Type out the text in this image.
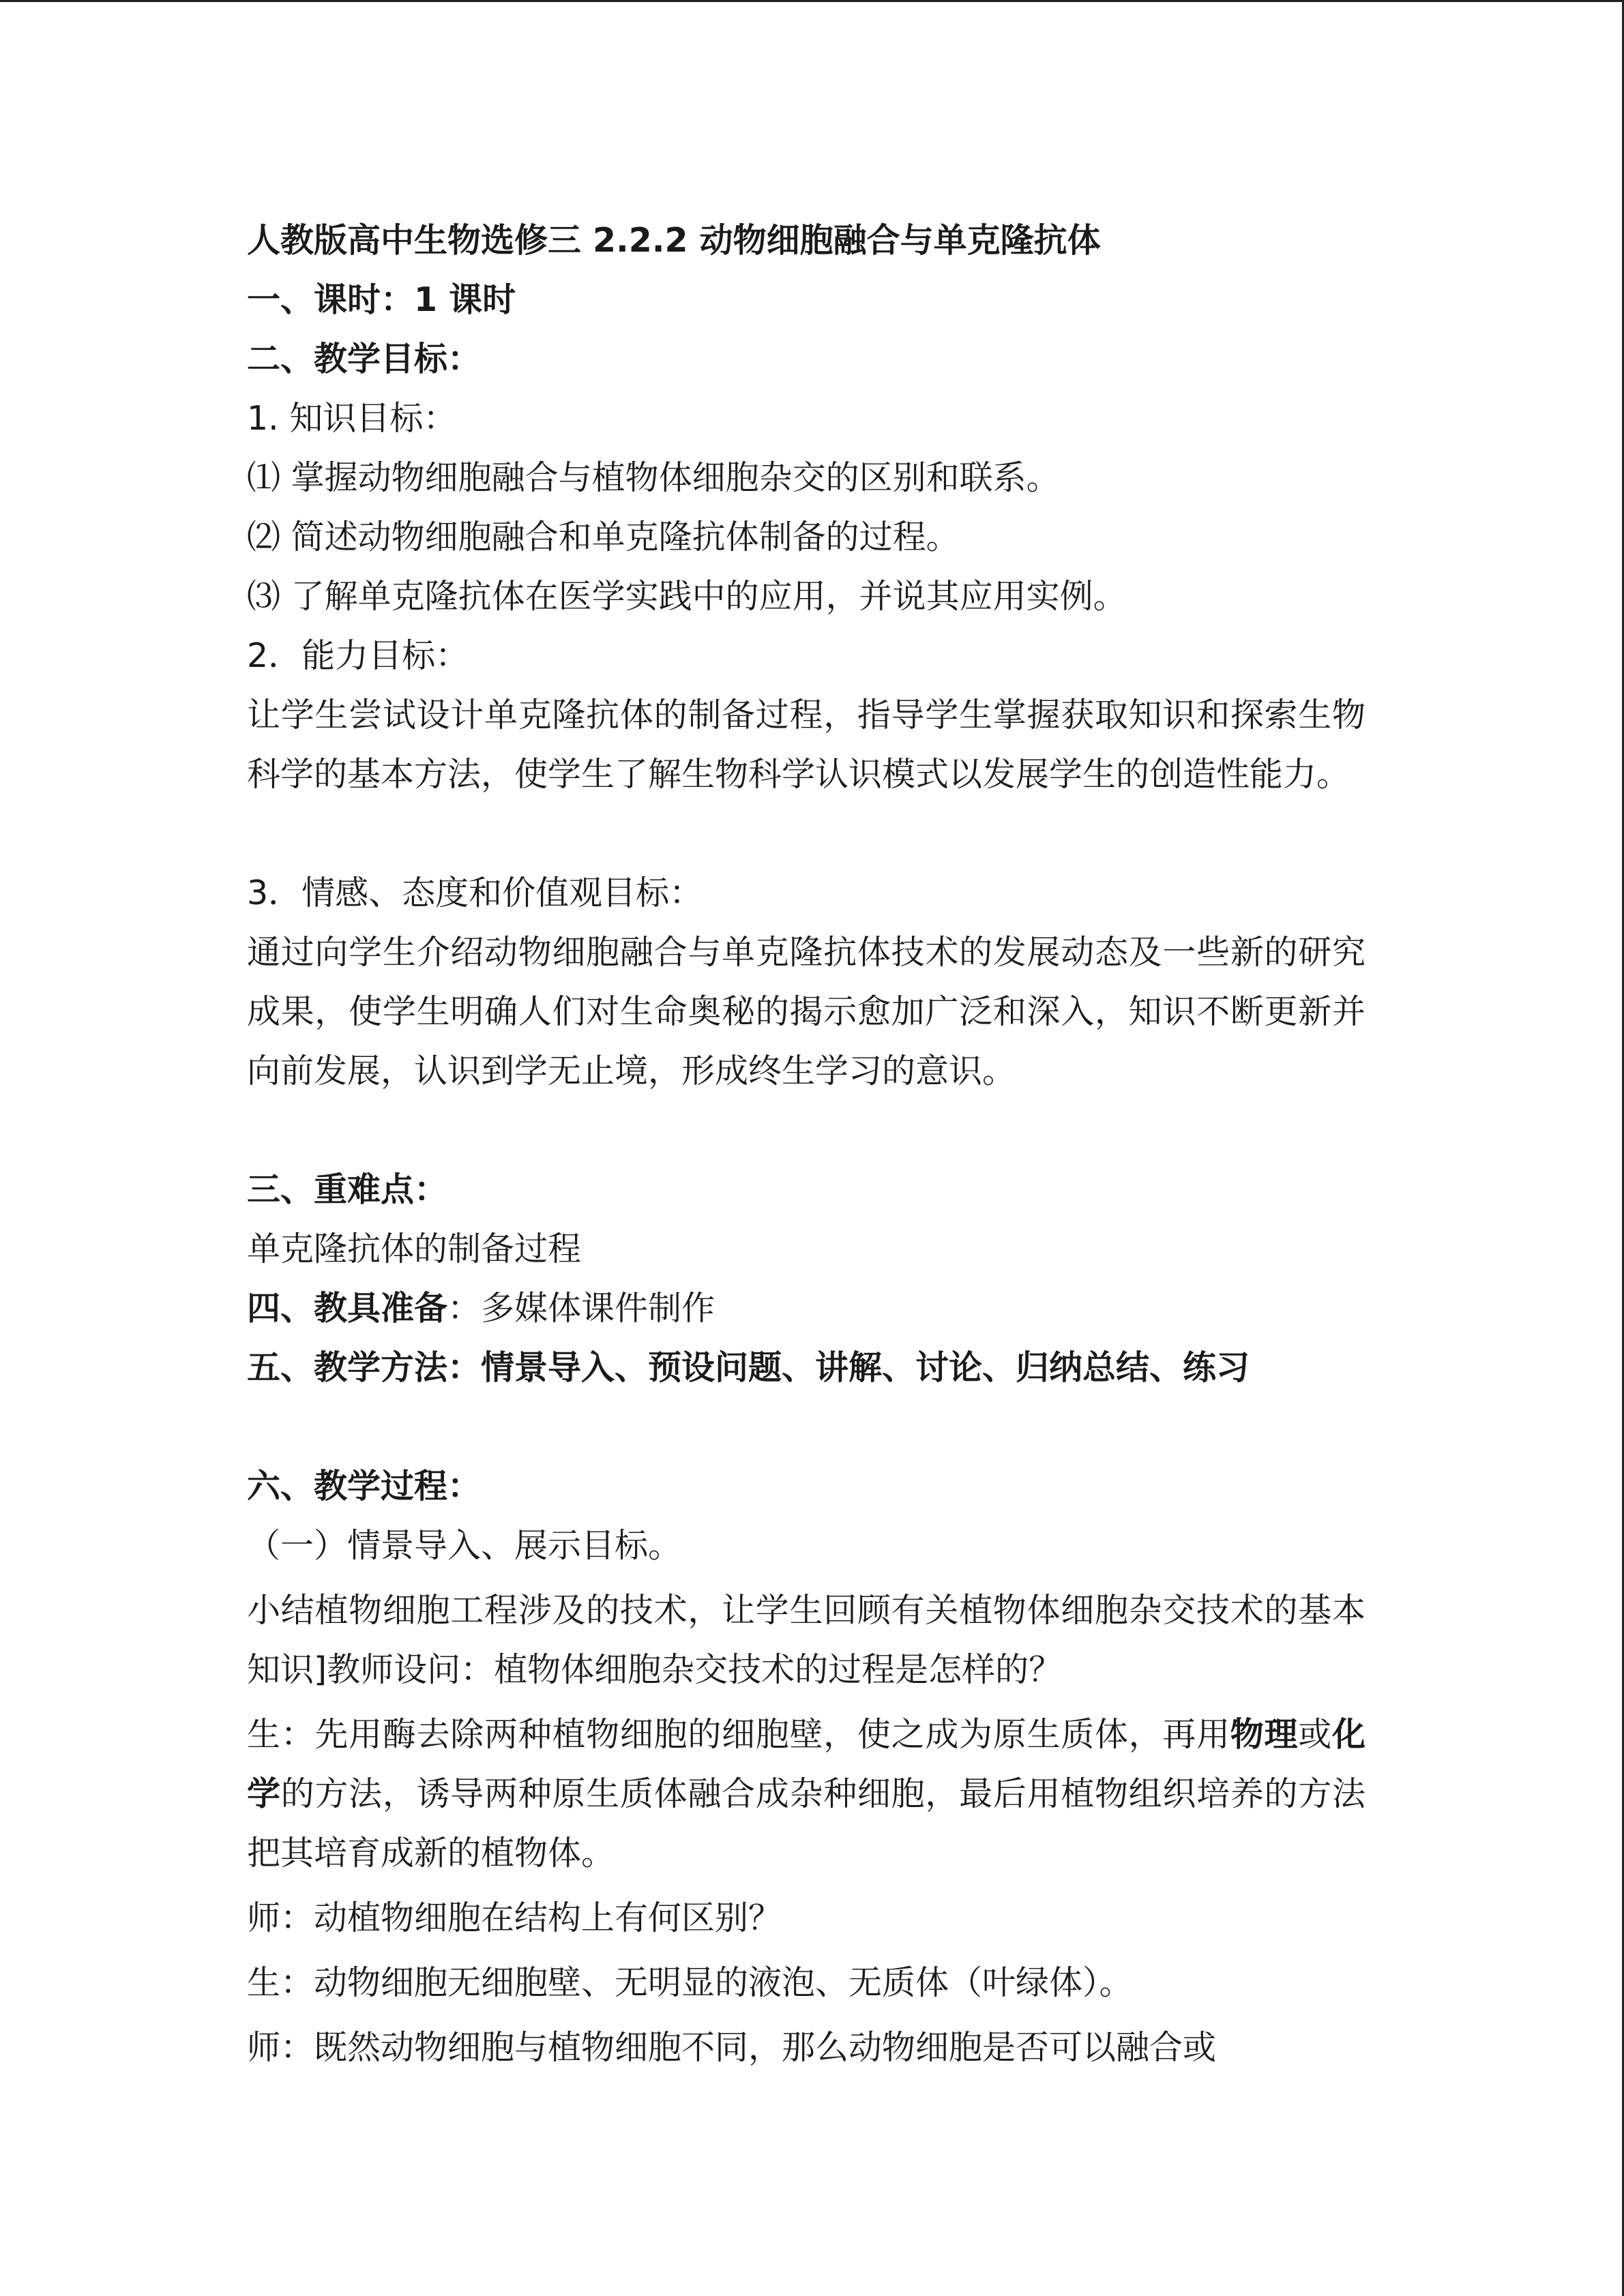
人教版高中生物选修三 2.2.2 动物细胞融合与单克隆抗体
一、课时：1 课时
二、教学目标：
1. 知识目标：
⑴ 掌握动物细胞融合与植物体细胞杂交的区别和联系。
⑵ 简述动物细胞融合和单克隆抗体制备的过程。
⑶ 了解单克隆抗体在医学实践中的应用，并说其应用实例。
2．能力目标：
让学生尝试设计单克隆抗体的制备过程，指导学生掌握获取知识和探索生物科学的基本方法，使学生了解生物科学认识模式以发展学生的创造性能力。
3．情感、态度和价值观目标：
通过向学生介绍动物细胞融合与单克隆抗体技术的发展动态及一些新的研究成果，使学生明确人们对生命奥秘的揭示愈加广泛和深入，知识不断更新并向前发展，认识到学无止境，形成终生学习的意识。
三、重难点：
单克隆抗体的制备过程
四、教具准备：多媒体课件制作
五、教学方法：情景导入、预设问题、讲解、讨论、归纳总结、练习
六、教学过程：
（一）情景导入、展示目标。
小结植物细胞工程涉及的技术，让学生回顾有关植物体细胞杂交技术的基本知识]教师设问：植物体细胞杂交技术的过程是怎样的？
生：先用酶去除两种植物细胞的细胞壁，使之成为原生质体，再用物理或化学的方法，诱导两种原生质体融合成杂种细胞，最后用植物组织培养的方法把其培育成新的植物体。
师：动植物细胞在结构上有何区别？
生：动物细胞无细胞壁、无明显的液泡、无质体（叶绿体）。
师：既然动物细胞与植物细胞不同，那么动物细胞是否可以融合或
